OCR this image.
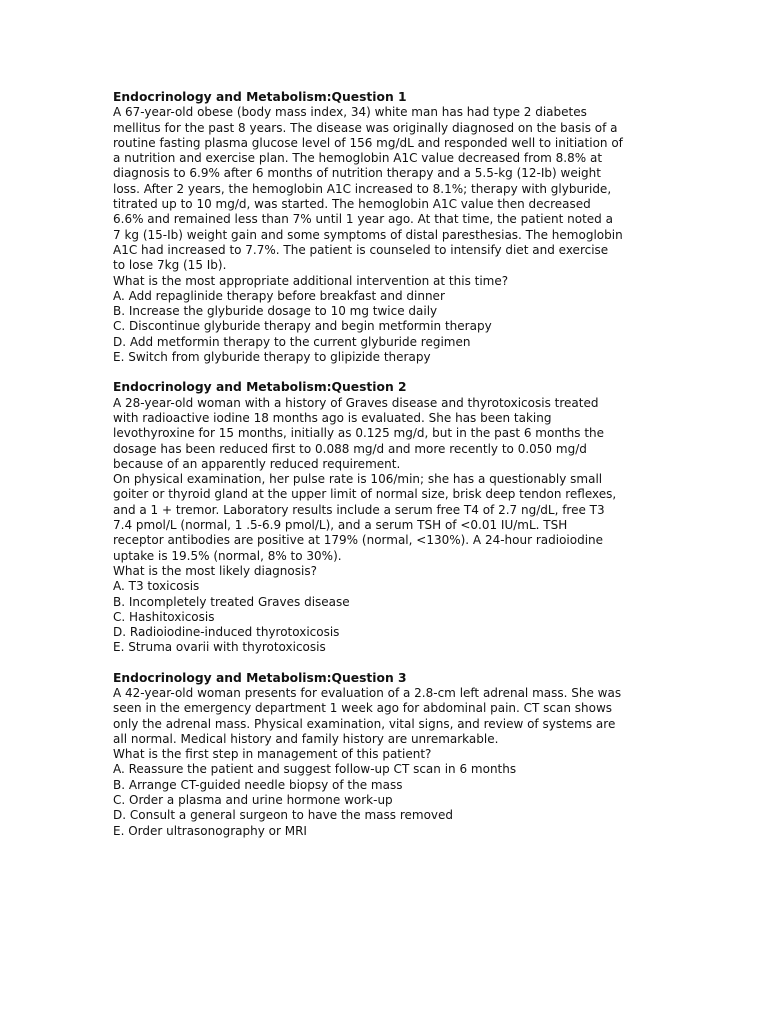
Endocrinology and Metabolism:Question 1

A 67-year-old obese (body mass index, 34) white man has had type 2 diabetes

mellitus for the past 8 years. The disease was originally diagnosed on the basis of a

routine fasting plasma glucose level of 156 mg/dL and responded well to initiation of

a nutrition and exercise plan. The hemoglobin A1C value decreased from 8.8% at

diagnosis to 6.9% after 6 months of nutrition therapy and a 5.5-kg (12-Ib) weight

loss. After 2 years, the hemoglobin A1C increased to 8.1%; therapy with glyburide,

titrated up to 10 mg/d, was started. The hemoglobin A1C value then decreased

6.6% and remained less than 7% until 1 year ago. At that time, the patient noted a

7 kg (15-Ib) weight gain and some symptoms of distal paresthesias. The hemoglobin

A1C had increased to 7.7%. The patient is counseled to intensify diet and exercise

to lose 7kg (15 Ib).

What is the most appropriate additional intervention at this time?

A. Add repaglinide therapy before breakfast and dinner

B. Increase the glyburide dosage to 10 mg twice daily

C. Discontinue glyburide therapy and begin metformin therapy

D. Add metformin therapy to the current glyburide regimen

E. Switch from glyburide therapy to glipizide therapy

Endocrinology and Metabolism:Question 2

A 28-year-old woman with a history of Graves disease and thyrotoxicosis treated

with radioactive iodine 18 months ago is evaluated. She has been taking

levothyroxine for 15 months, initially as 0.125 mg/d, but in the past 6 months the

dosage has been reduced first to 0.088 mg/d and more recently to 0.050 mg/d

because of an apparently reduced requirement.

On physical examination, her pulse rate is 106/min; she has a questionably small

goiter or thyroid gland at the upper limit of normal size, brisk deep tendon reflexes,

and a 1 + tremor. Laboratory results include a serum free T4 of 2.7 ng/dL, free T3

7.4 pmol/L (normal, 1 .5-6.9 pmol/L), and a serum TSH of <0.01 IU/mL. TSH

receptor antibodies are positive at 179% (normal, <130%). A 24-hour radioiodine

uptake is 19.5% (normal, 8% to 30%).

What is the most likely diagnosis?

A. T3 toxicosis

B. Incompletely treated Graves disease

C. Hashitoxicosis

D. Radioiodine-induced thyrotoxicosis

E. Struma ovarii with thyrotoxicosis

Endocrinology and Metabolism:Question 3

A 42-year-old woman presents for evaluation of a 2.8-cm left adrenal mass. She was

seen in the emergency department 1 week ago for abdominal pain. CT scan shows

only the adrenal mass. Physical examination, vital signs, and review of systems are

all normal. Medical history and family history are unremarkable.

What is the first step in management of this patient?

A. Reassure the patient and suggest follow-up CT scan in 6 months

B. Arrange CT-guided needle biopsy of the mass

C. Order a plasma and urine hormone work-up

D. Consult a general surgeon to have the mass removed

E. Order ultrasonography or MRI
